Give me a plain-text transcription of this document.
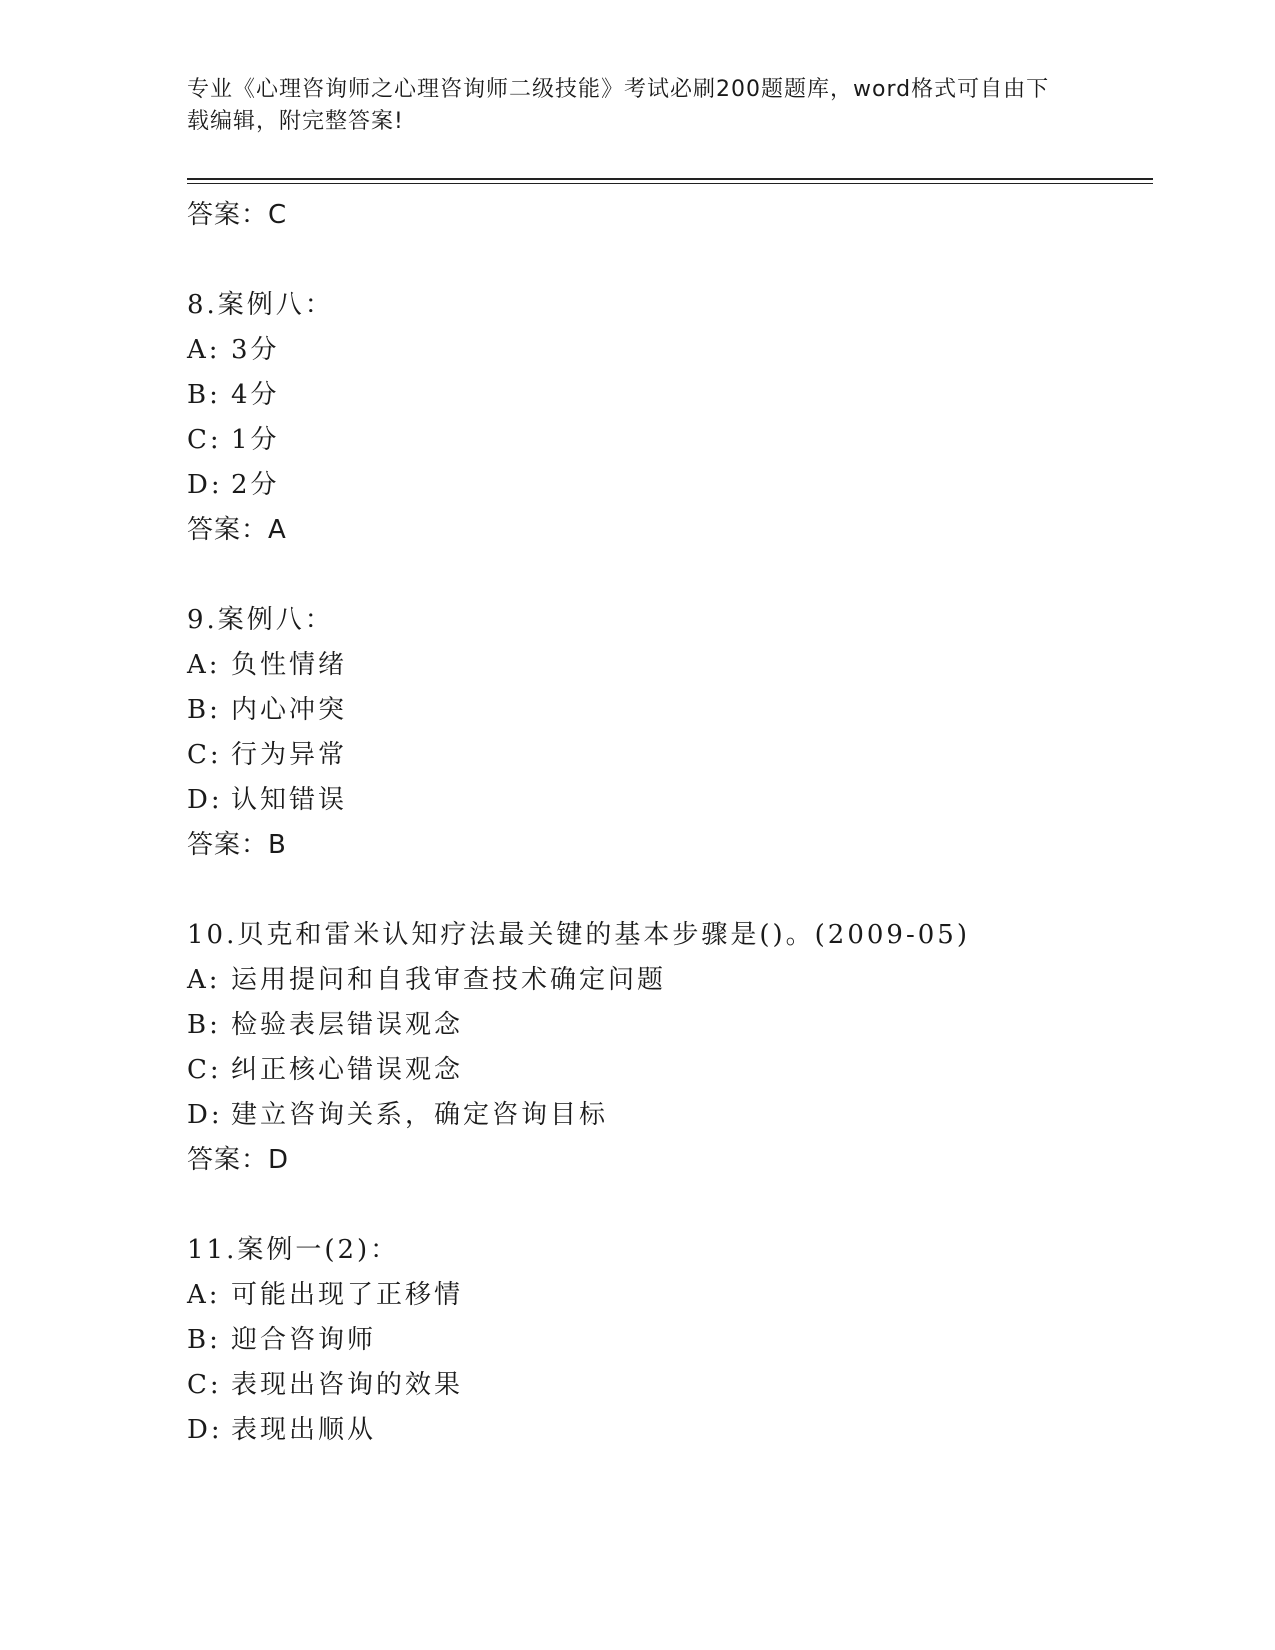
专业《心理咨询师之心理咨询师二级技能》考试必刷200题题库，word格式可自由下载编辑，附完整答案!
答案：C
8.案例八：
A: 3分
B: 4分
C: 1分
D: 2分
答案：A
9.案例八：
A: 负性情绪
B: 内心冲突
C: 行为异常
D: 认知错误
答案：B
10.贝克和雷米认知疗法最关键的基本步骤是()。(2009-05)
A: 运用提问和自我审查技术确定问题
B: 检验表层错误观念
C: 纠正核心错误观念
D: 建立咨询关系，确定咨询目标
答案：D
11.案例一(2)：
A: 可能出现了正移情
B: 迎合咨询师
C: 表现出咨询的效果
D: 表现出顺从
